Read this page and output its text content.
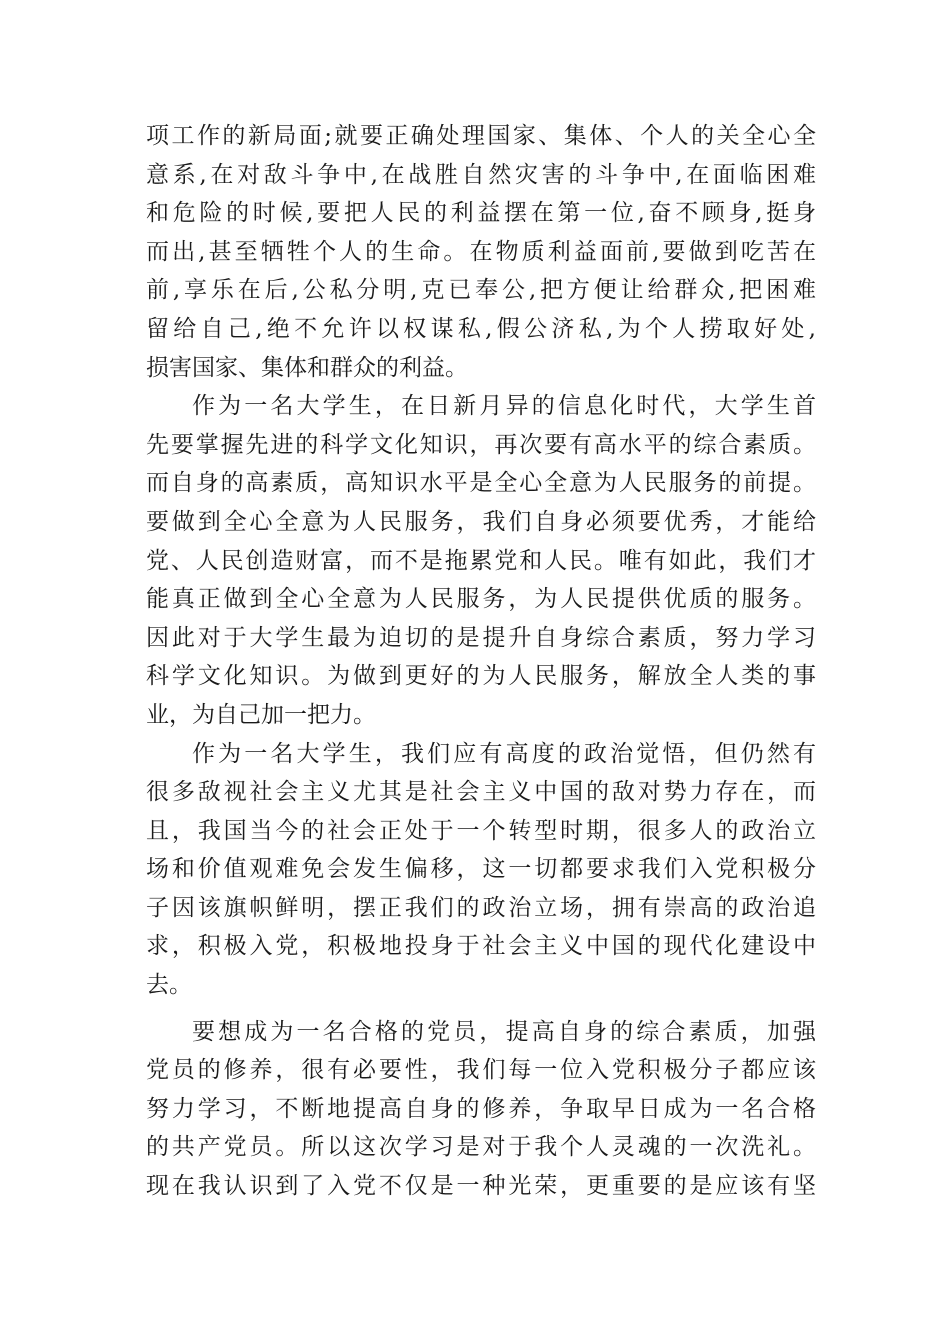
项工作的新局面;就要正确处理国家、集体、个人的关全心全
意系,在对敌斗争中,在战胜自然灾害的斗争中,在面临困难
和危险的时候,要把人民的利益摆在第一位,奋不顾身,挺身
而出,甚至牺牲个人的生命。在物质利益面前,要做到吃苦在
前,享乐在后,公私分明,克已奉公,把方便让给群众,把困难
留给自己,绝不允许以权谋私,假公济私,为个人捞取好处,
损害国家、集体和群众的利益。
作为一名大学生，在日新月异的信息化时代，大学生首
先要掌握先进的科学文化知识，再次要有高水平的综合素质。
而自身的高素质，高知识水平是全心全意为人民服务的前提。
要做到全心全意为人民服务，我们自身必须要优秀，才能给
党、人民创造财富，而不是拖累党和人民。唯有如此，我们才
能真正做到全心全意为人民服务，为人民提供优质的服务。
因此对于大学生最为迫切的是提升自身综合素质，努力学习
科学文化知识。为做到更好的为人民服务，解放全人类的事
业，为自己加一把力。
作为一名大学生，我们应有高度的政治觉悟，但仍然有
很多敌视社会主义尤其是社会主义中国的敌对势力存在，而
且，我国当今的社会正处于一个转型时期，很多人的政治立
场和价值观难免会发生偏移，这一切都要求我们入党积极分
子因该旗帜鲜明，摆正我们的政治立场，拥有崇高的政治追
求，积极入党，积极地投身于社会主义中国的现代化建设中
去。
要想成为一名合格的党员，提高自身的综合素质，加强
党员的修养，很有必要性，我们每一位入党积极分子都应该
努力学习，不断地提高自身的修养，争取早日成为一名合格
的共产党员。所以这次学习是对于我个人灵魂的一次洗礼。
现在我认识到了入党不仅是一种光荣，更重要的是应该有坚
